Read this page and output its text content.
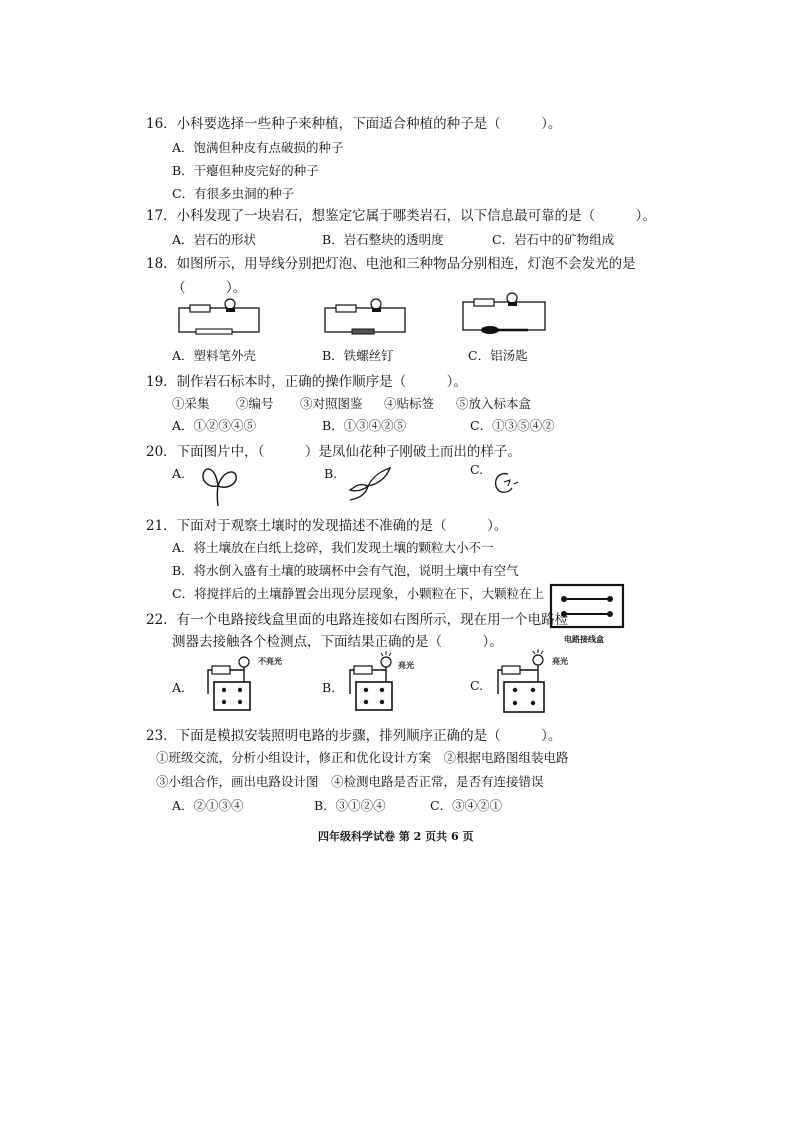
16．小科要选择一些种子来种植，下面适合种植的种子是（　　　）。
A．饱满但种皮有点破损的种子
B．干瘪但种皮完好的种子
C．有很多虫洞的种子
17．小科发现了一块岩石，想鉴定它属于哪类岩石，以下信息最可靠的是（　　　）。
A．岩石的形状	B．岩石整块的透明度	C．岩石中的矿物组成
18．如图所示，用导线分别把灯泡、电池和三种物品分别相连，灯泡不会发光的是
（　　　）。
A．塑料笔外壳	B．铁螺丝钉	C．铝汤匙
19．制作岩石标本时，正确的操作顺序是（　　　）。
①采集 ②编号 ③对照图鉴 ④贴标签 ⑤放入标本盒
A．①②③④⑤	B．①③④②⑤	C．①③⑤④②
20．下面图片中，（　　　）是凤仙花种子刚破土而出的样子。
A.	B.	C.
21．下面对于观察土壤时的发现描述不准确的是（　　　）。
A．将土壤放在白纸上捻碎，我们发现土壤的颗粒大小不一
B．将水倒入盛有土壤的玻璃杯中会有气泡，说明土壤中有空气
C．将搅拌后的土壤静置会出现分层现象，小颗粒在下，大颗粒在上
电路接线盒
22．有一个电路接线盒里面的电路连接如右图所示，现在用一个电路检
测器去接触各个检测点，下面结果正确的是（　　　）。
A.
不亮光
B.
亮光
C.
亮光
23．下面是模拟安装照明电路的步骤，排列顺序正确的是（　　　）。
①班级交流，分析小组设计，修正和优化设计方案　②根据电路图组装电路
③小组合作，画出电路设计图　④检测电路是否正常，是否有连接错误
A．②①③④	B．③①②④	C．③④②①
四年级科学试卷 第 2 页共 6 页
